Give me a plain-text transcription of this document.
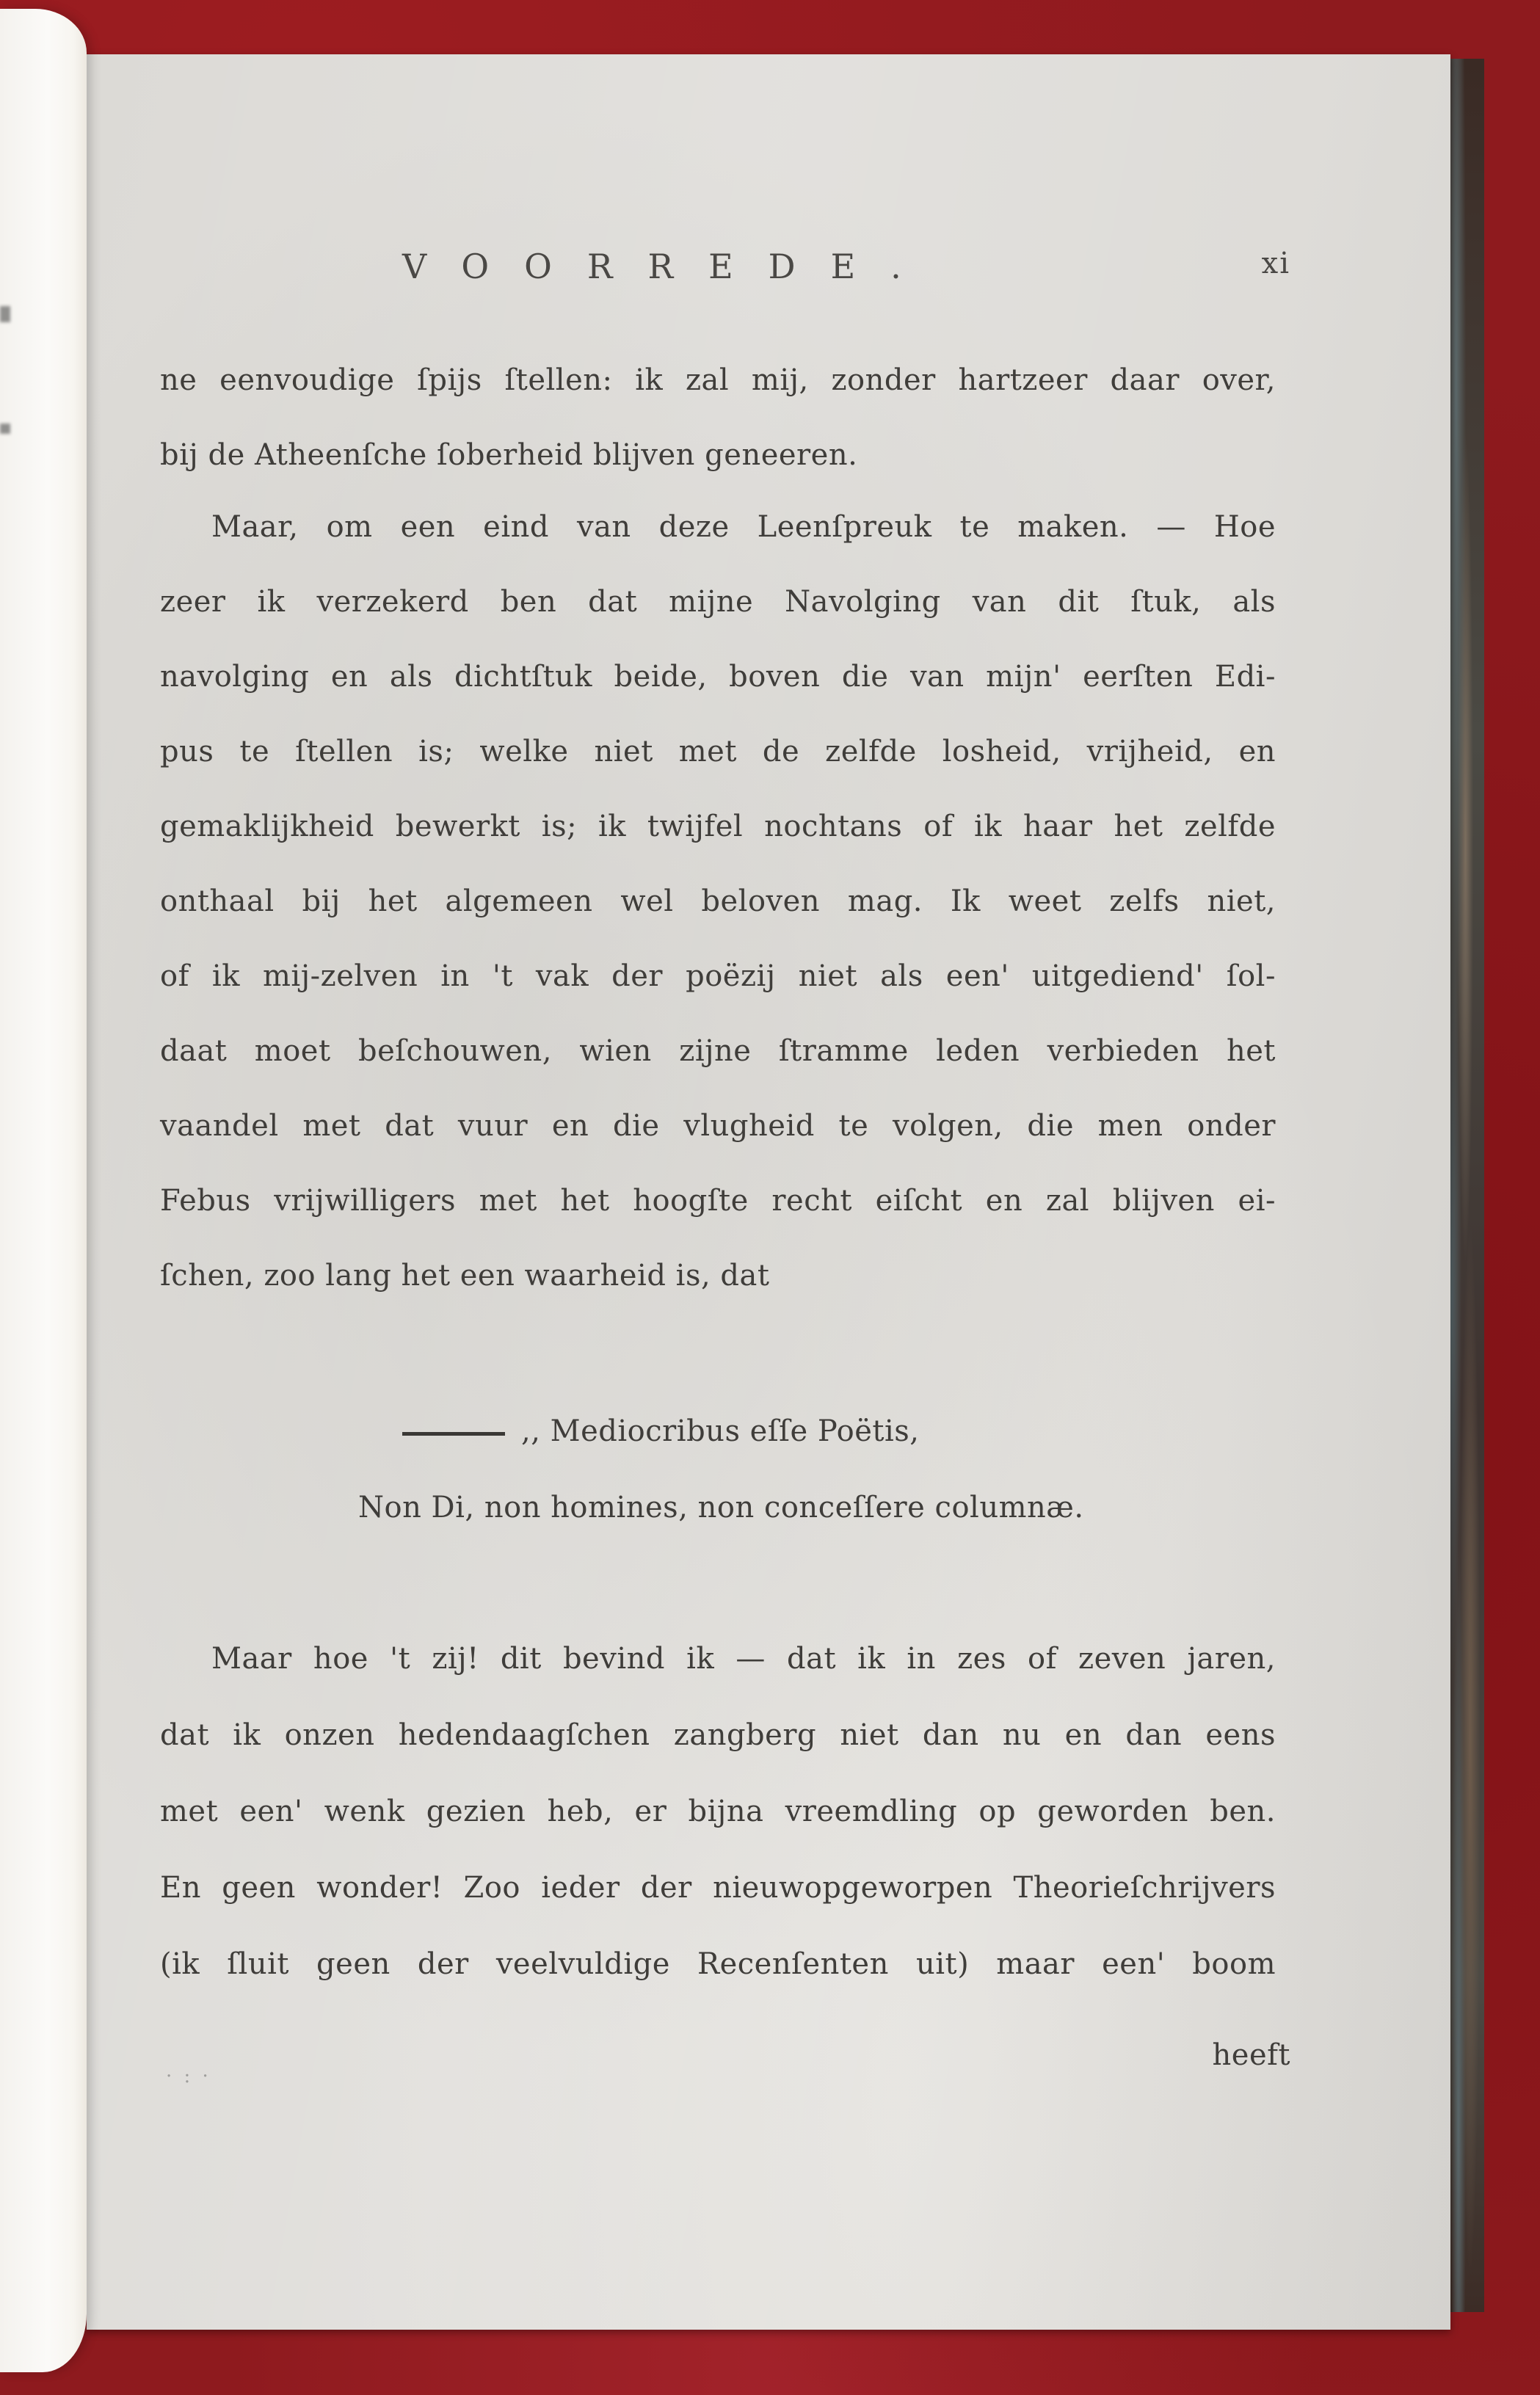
VOORREDE.	xi
ne eenvoudige ſpijs ſtellen: ik zal mij, zonder hartzeer daar over,
bij de Atheenſche ſoberheid blijven geneeren.
Maar, om een eind van deze Leenſpreuk te maken. — Hoe
zeer ik verzekerd ben dat mijne Navolging van dit ſtuk, als
navolging en als dichtſtuk beide, boven die van mijn' eerſten Edi-
pus te ſtellen is; welke niet met de zelfde losheid, vrijheid, en
gemaklijkheid bewerkt is; ik twijfel nochtans of ik haar het zelfde
onthaal bij het algemeen wel beloven mag. Ik weet zelfs niet,
of ik mij-zelven in 't vak der poëzij niet als een' uitgediend' ſol-
daat moet beſchouwen, wien zijne ſtramme leden verbieden het
vaandel met dat vuur en die vlugheid te volgen, die men onder
Febus vrijwilligers met het hoogſte recht eiſcht en zal blijven ei-
ſchen, zoo lang het een waarheid is, dat
,, Mediocribus eſſe Poëtis,
Non Di, non homines, non conceſſere columnæ.
Maar hoe 't zij! dit bevind ik — dat ik in zes of zeven jaren,
dat ik onzen hedendaagſchen zangberg niet dan nu en dan eens
met een' wenk gezien heb, er bijna vreemdling op geworden ben.
En geen wonder! Zoo ieder der nieuwopgeworpen Theorieſchrijvers
(ik ſluit geen der veelvuldige Recenſenten uit) maar een' boom
heeft
· : ·
